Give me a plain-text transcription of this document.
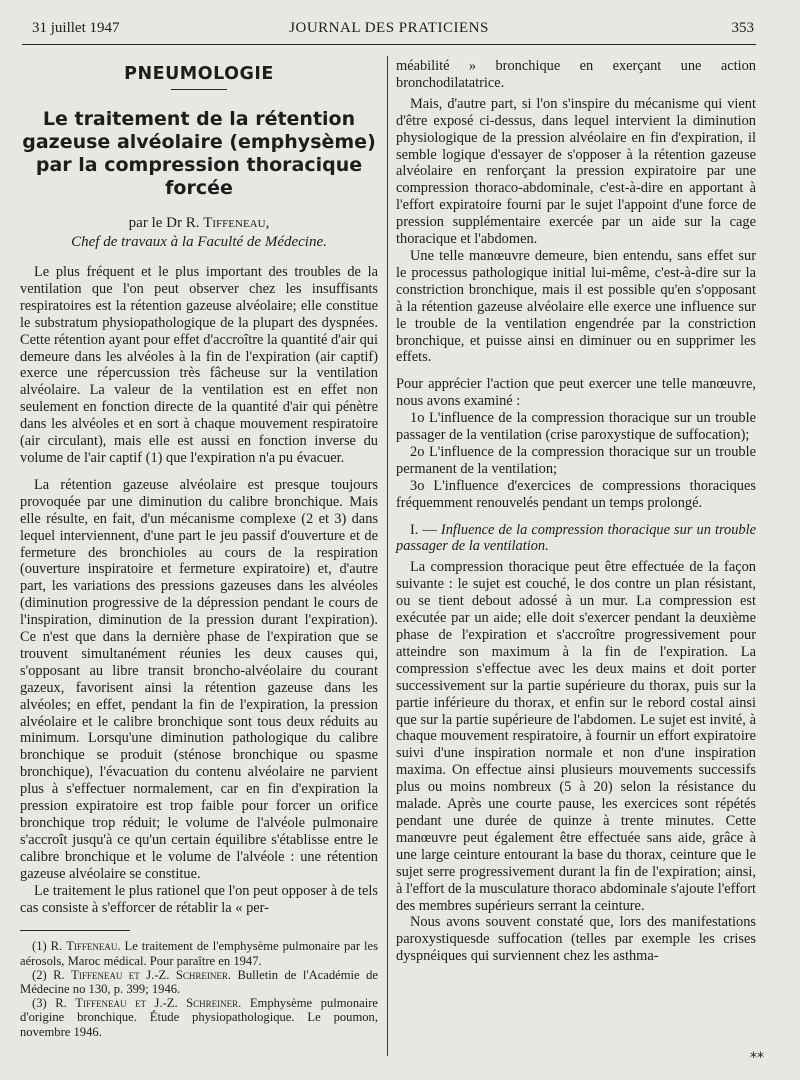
31 juillet 1947	JOURNAL DES PRATICIENS	353
PNEUMOLOGIE
Le traitement de la rétention gazeuse alvéolaire (emphysème) par la compression thoracique forcée
par le Dr R. Tiffeneau,
Chef de travaux à la Faculté de Médecine.

Le plus fréquent et le plus important des troubles de la ventilation que l'on peut observer chez les insuffisants respiratoires est la rétention gazeuse alvéolaire; elle constitue le substratum physiopathologique de la plupart des dyspnées. Cette rétention ayant pour effet d'accroître la quantité d'air qui demeure dans les alvéoles à la fin de l'expiration (air captif) exerce une répercussion très fâcheuse sur la ventilation alvéolaire. La valeur de la ventilation est en effet non seulement en fonction directe de la quantité d'air qui pénètre dans les alvéoles et en sort à chaque mouvement respiratoire (air circulant), mais elle est aussi en fonction inverse du volume de l'air captif (1) que l'expiration n'a pu évacuer.

La rétention gazeuse alvéolaire est presque toujours provoquée par une diminution du calibre bronchique. Mais elle résulte, en fait, d'un mécanisme complexe (2 et 3) dans lequel interviennent, d'une part le jeu passif d'ouverture et de fermeture des bronchioles au cours de la respiration (ouverture inspiratoire et fermeture expiratoire) et, d'autre part, les variations des pressions gazeuses dans les alvéoles (diminution progressive de la dépression pendant le cours de l'inspiration, diminution de la pression durant l'expiration). Ce n'est que dans la dernière phase de l'expiration que se trouvent simultanément réunies les deux causes qui, s'opposant au libre transit broncho-alvéolaire du courant gazeux, favorisent ainsi la rétention gazeuse dans les alvéoles; en effet, pendant la fin de l'expiration, la pression alvéolaire et le calibre bronchique sont tous deux réduits au minimum. Lorsqu'une diminution pathologique du calibre bronchique se produit (sténose bronchique ou spasme bronchique), l'évacuation du contenu alvéolaire ne parvient plus à s'effectuer normalement, car en fin d'expiration la pression expiratoire est trop faible pour forcer un orifice bronchique trop réduit; le volume de l'alvéole pulmonaire s'accroît jusqu'à ce qu'un certain équilibre s'établisse entre le calibre bronchique et le volume de l'alvéole : une rétention gazeuse alvéolaire se constitue.

Le traitement le plus rationel que l'on peut opposer à de tels cas consiste à s'efforcer de rétablir la « per-

(1) R. Tiffeneau. Le traitement de l'emphysème pulmonaire par les aérosols, Maroc médical. Pour paraître en 1947.

(2) R. Tiffeneau et J.-Z. Schreiner. Bulletin de l'Académie de Médecine no 130, p. 399; 1946.

(3) R. Tiffeneau et J.-Z. Schreiner. Emphysème pulmonaire d'origine bronchique. Étude physiopathologique. Le poumon, novembre 1946.

méabilité » bronchique en exerçant une action bronchodilatatrice.

Mais, d'autre part, si l'on s'inspire du mécanisme qui vient d'être exposé ci-dessus, dans lequel intervient la diminution physiologique de la pression alvéolaire en fin d'expiration, il semble logique d'essayer de s'opposer à la rétention gazeuse alvéolaire en renforçant la pression expiratoire par une compression thoraco-abdominale, c'est-à-dire en apportant à l'effort expiratoire fourni par le sujet l'appoint d'une force de pression supplémentaire exercée par un aide sur la cage thoracique et l'abdomen.

Une telle manœuvre demeure, bien entendu, sans effet sur le processus pathologique initial lui-même, c'est-à-dire sur la constriction bronchique, mais il est possible qu'en s'opposant à la rétention gazeuse alvéolaire elle exerce une influence sur le trouble de la ventilation engendrée par la constriction bronchique, et puisse ainsi en diminuer ou en supprimer les effets.

Pour apprécier l'action que peut exercer une telle manœuvre, nous avons examiné :

1o L'influence de la compression thoracique sur un trouble passager de la ventilation (crise paroxystique de suffocation);

2o L'influence de la compression thoracique sur un trouble permanent de la ventilation;

3o L'influence d'exercices de compressions thoraciques fréquemment renouvelés pendant un temps prolongé.

I. — Influence de la compression thoracique sur un trouble passager de la ventilation.

La compression thoracique peut être effectuée de la façon suivante : le sujet est couché, le dos contre un plan résistant, ou se tient debout adossé à un mur. La compression est exécutée par un aide; elle doit s'exercer pendant la deuxième phase de l'expiration et s'accroître progressivement pour atteindre son maximum à la fin de l'expiration. La compression s'effectue avec les deux mains et doit porter successivement sur la partie supérieure du thorax, puis sur la partie inférieure du thorax, et enfin sur le rebord costal ainsi que sur la partie supérieure de l'abdomen. Le sujet est invité, à chaque mouvement respiratoire, à fournir un effort expiratoire suivi d'une inspiration normale et non d'une inspiration maxima. On effectue ainsi plusieurs mouvements successifs plus ou moins nombreux (5 à 20) selon la résistance du malade. Après une courte pause, les exercices sont répétés pendant une durée de quinze à trente minutes. Cette manœuvre peut également être effectuée sans aide, grâce à une large ceinture entourant la base du thorax, ceinture que le sujet serre progressivement durant la fin de l'expiration; ainsi, à l'effort de la musculature thoraco abdominale s'ajoute l'effort des membres supérieurs serrant la ceinture.

Nous avons souvent constaté que, lors des manifestations paroxystiquesde suffocation (telles par exemple les crises dyspnéiques qui surviennent chez les asthma-

**
